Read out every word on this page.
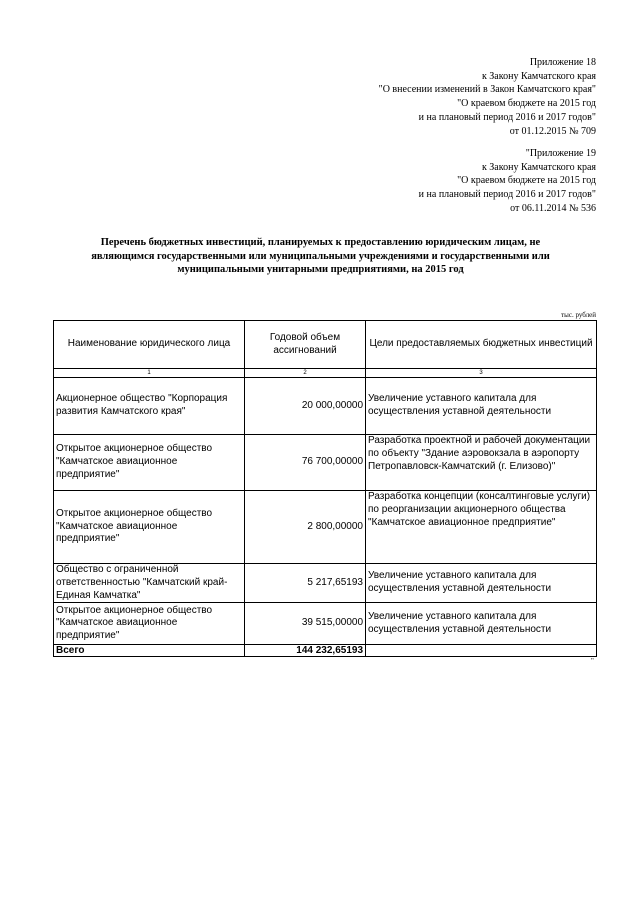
Приложение 18
к Закону Камчатского края
"О внесении изменений в Закон Камчатского края"
"О краевом бюджете на 2015 год
и на плановый период 2016 и 2017 годов"
от 01.12.2015 № 709
"Приложение 19
к Закону Камчатского края
"О краевом бюджете на 2015 год
и на плановый период 2016 и 2017 годов"
от 06.11.2014 № 536
Перечень бюджетных инвестиций, планируемых к предоставлению юридическим лицам, не являющимся государственными или муниципальными учреждениями и государственными или муниципальными унитарными предприятиями, на 2015 год
тыс. рублей
Наименование юридического лица	Годовой объем ассигнований	Цели предоставляемых бюджетных инвестиций
1	2	3
Акционерное общество "Корпорация развития Камчатского края"	20 000,00000	Увеличение уставного капитала для осуществления уставной деятельности
Открытое акционерное общество "Камчатское авиационное предприятие"	76 700,00000	Разработка проектной и рабочей документации по объекту "Здание аэровокзала в аэропорту Петропавловск-Камчатский (г. Елизово)"
Открытое акционерное общество "Камчатское авиационное предприятие"	2 800,00000	Разработка концепции (консалтинговые услуги) по реорганизации акционерного общества "Камчатское авиационное предприятие"
Общество с ограниченной ответственностью "Камчатский край-Единая Камчатка"	5 217,65193	Увеличение уставного капитала для осуществления уставной деятельности
Открытое акционерное общество "Камчатское авиационное предприятие"	39 515,00000	Увеличение уставного капитала для осуществления уставной деятельности
Всего	144 232,65193	
"
